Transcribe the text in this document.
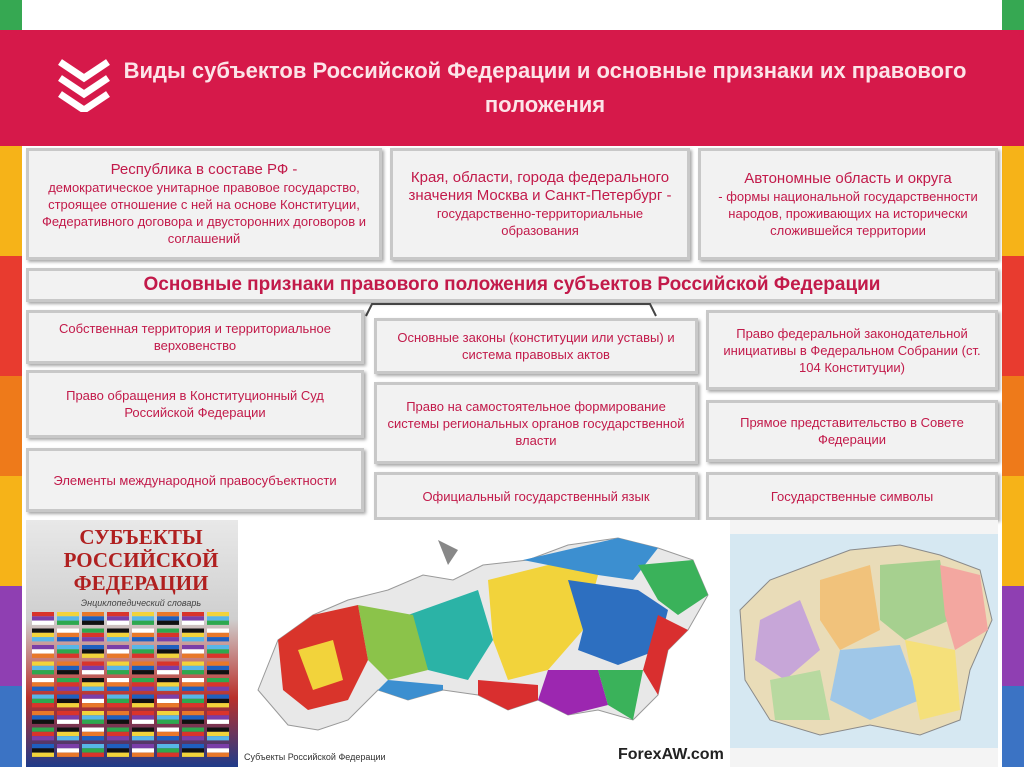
Виды субъектов Российской Федерации и основные признаки их правового положения
Республика в составе РФ -
демократическое унитарное правовое государство, строящее отношение с ней на основе Конституции, Федеративного договора и двусторонних договоров и соглашений
Края, области, города федерального значения Москва и Санкт-Петербург -
государственно-территориальные образования
Автономные область и округа
- формы национальной государственности народов, проживающих на исторически сложившейся территории
Основные признаки правового положения субъектов Российской Федерации
Собственная территория и территориальное верховенство
Право обращения в Конституционный Суд Российской Федерации
Элементы международной правосубъектности
Основные законы (конституции или уставы) и система правовых актов
Право на самостоятельное формирование системы региональных органов государственной власти
Официальный государственный язык
Право федеральной законодательной инициативы в Федеральном Собрании (ст. 104 Конституции)
Прямое представительство в Совете Федерации
Государственные символы
СУБЪЕКТЫ РОССИЙСКОЙ ФЕДЕРАЦИИ
Энциклопедический словарь
Субъекты Российской Федерации	ForexAW.com
